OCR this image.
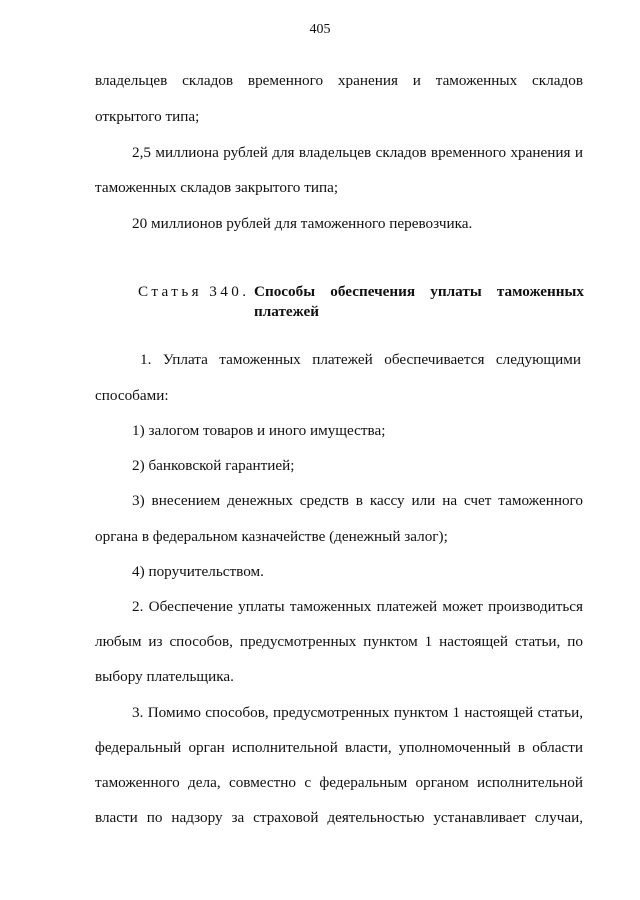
405
владельцев складов временного хранения и таможенных складов
открытого типа;
2,5 миллиона рублей для владельцев складов временного хранения и
таможенных складов закрытого типа;
20 миллионов рублей для таможенного перевозчика.
Статья 340. Способы обеспечения уплаты таможенных
платежей
1. Уплата таможенных платежей обеспечивается следующими
способами:
1) залогом товаров и иного имущества;
2) банковской гарантией;
3) внесением денежных средств в кассу или на счет таможенного
органа в федеральном казначействе (денежный залог);
4) поручительством.
2. Обеспечение уплаты таможенных платежей может производиться
любым из способов, предусмотренных пунктом 1 настоящей статьи, по
выбору плательщика.
3. Помимо способов, предусмотренных пунктом 1 настоящей статьи,
федеральный орган исполнительной власти, уполномоченный в области
таможенного дела, совместно с федеральным органом исполнительной
власти по надзору за страховой деятельностью устанавливает случаи,
